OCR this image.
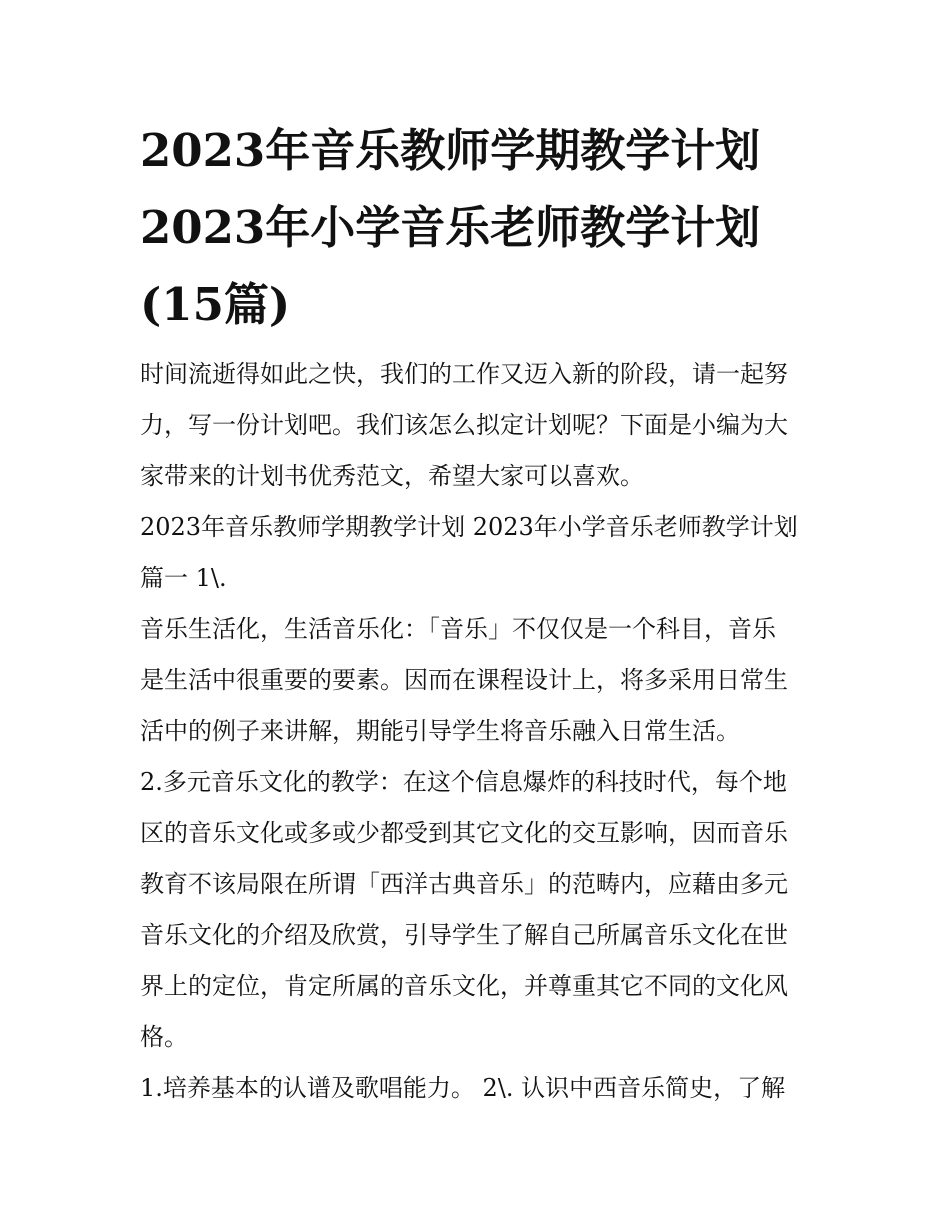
2023年音乐教师学期教学计划
2023年小学音乐老师教学计划
(15篇)

时间流逝得如此之快，我们的工作又迈入新的阶段，请一起努
力，写一份计划吧。我们该怎么拟定计划呢？下面是小编为大
家带来的计划书优秀范文，希望大家可以喜欢。

2023年音乐教师学期教学计划 2023年小学音乐老师教学计划
篇一 1\.

音乐生活化，生活音乐化：「音乐」不仅仅是一个科目，音乐
是生活中很重要的要素。因而在课程设计上，将多采用日常生
活中的例子来讲解，期能引导学生将音乐融入日常生活。

2.多元音乐文化的教学：在这个信息爆炸的科技时代，每个地
区的音乐文化或多或少都受到其它文化的交互影响，因而音乐
教育不该局限在所谓「西洋古典音乐」的范畴内，应藉由多元
音乐文化的介绍及欣赏，引导学生了解自己所属音乐文化在世
界上的定位，肯定所属的音乐文化，并尊重其它不同的文化风
格。

1.培养基本的认谱及歌唱能力。 2\. 认识中西音乐简史，了解
